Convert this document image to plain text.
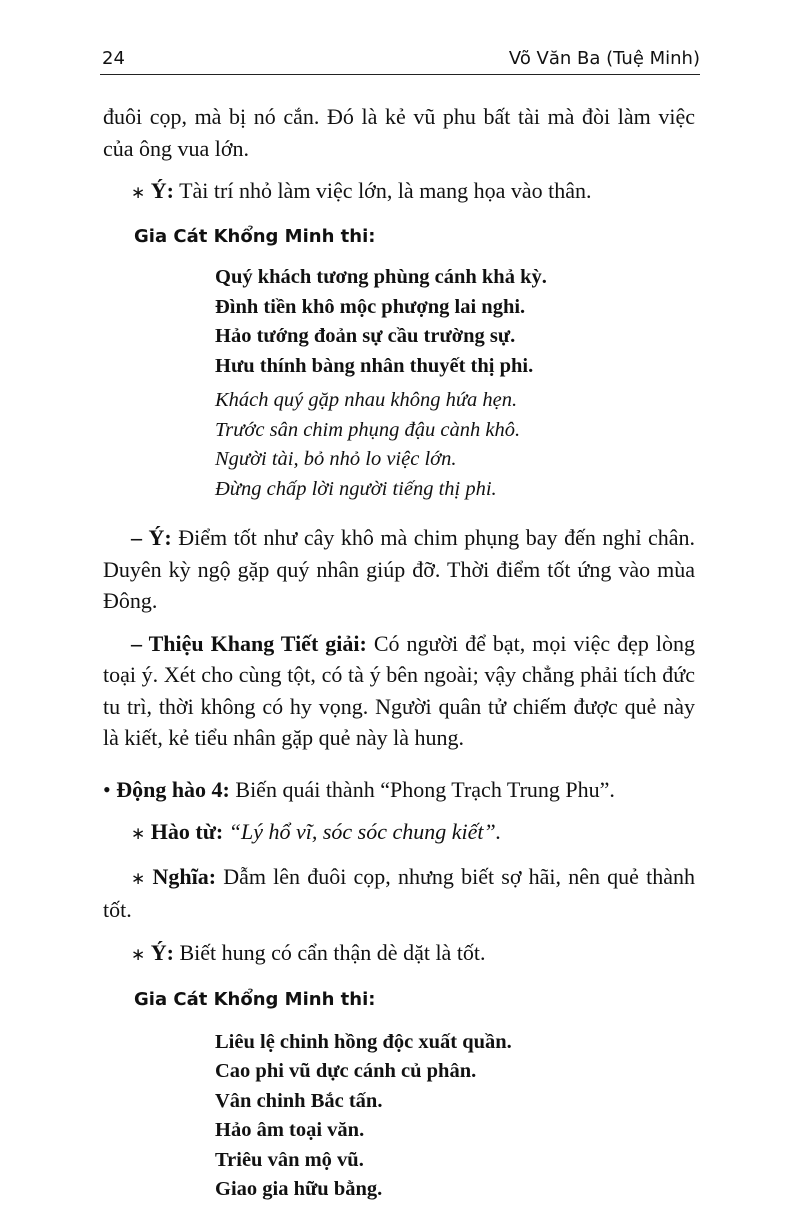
24	Võ Văn Ba (Tuệ Minh)

đuôi cọp, mà bị nó cắn. Đó là kẻ vũ phu bất tài mà đòi làm việc của ông vua lớn.

∗ Ý: Tài trí nhỏ làm việc lớn, là mang họa vào thân.

Gia Cát Khổng Minh thi:

Quý khách tương phùng cánh khả kỳ.

Đình tiền khô mộc phượng lai nghi.

Hảo tướng đoản sự cầu trường sự.

Hưu thính bàng nhân thuyết thị phi.

Khách quý gặp nhau không hứa hẹn.

Trước sân chim phụng đậu cành khô.

Người tài, bỏ nhỏ lo việc lớn.

Đừng chấp lời người tiếng thị phi.

– Ý: Điểm tốt như cây khô mà chim phụng bay đến nghỉ chân. Duyên kỳ ngộ gặp quý nhân giúp đỡ. Thời điểm tốt ứng vào mùa Đông.

– Thiệu Khang Tiết giải: Có người để bạt, mọi việc đẹp lòng toại ý. Xét cho cùng tột, có tà ý bên ngoài; vậy chẳng phải tích đức tu trì, thời không có hy vọng. Người quân tử chiếm được quẻ này là kiết, kẻ tiểu nhân gặp quẻ này là hung.

• Động hào 4: Biến quái thành “Phong Trạch Trung Phu”.

∗ Hào từ: “Lý hổ vĩ, sóc sóc chung kiết”.

∗ Nghĩa: Dẫm lên đuôi cọp, nhưng biết sợ hãi, nên quẻ thành tốt.

∗ Ý: Biết hung có cẩn thận dè dặt là tốt.

Gia Cát Khổng Minh thi:

Liêu lệ chinh hồng độc xuất quần.

Cao phi vũ dực cánh củ phân.

Vân chinh Bắc tấn.

Hảo âm toại văn.

Triêu vân mộ vũ.

Giao gia hữu bằng.
